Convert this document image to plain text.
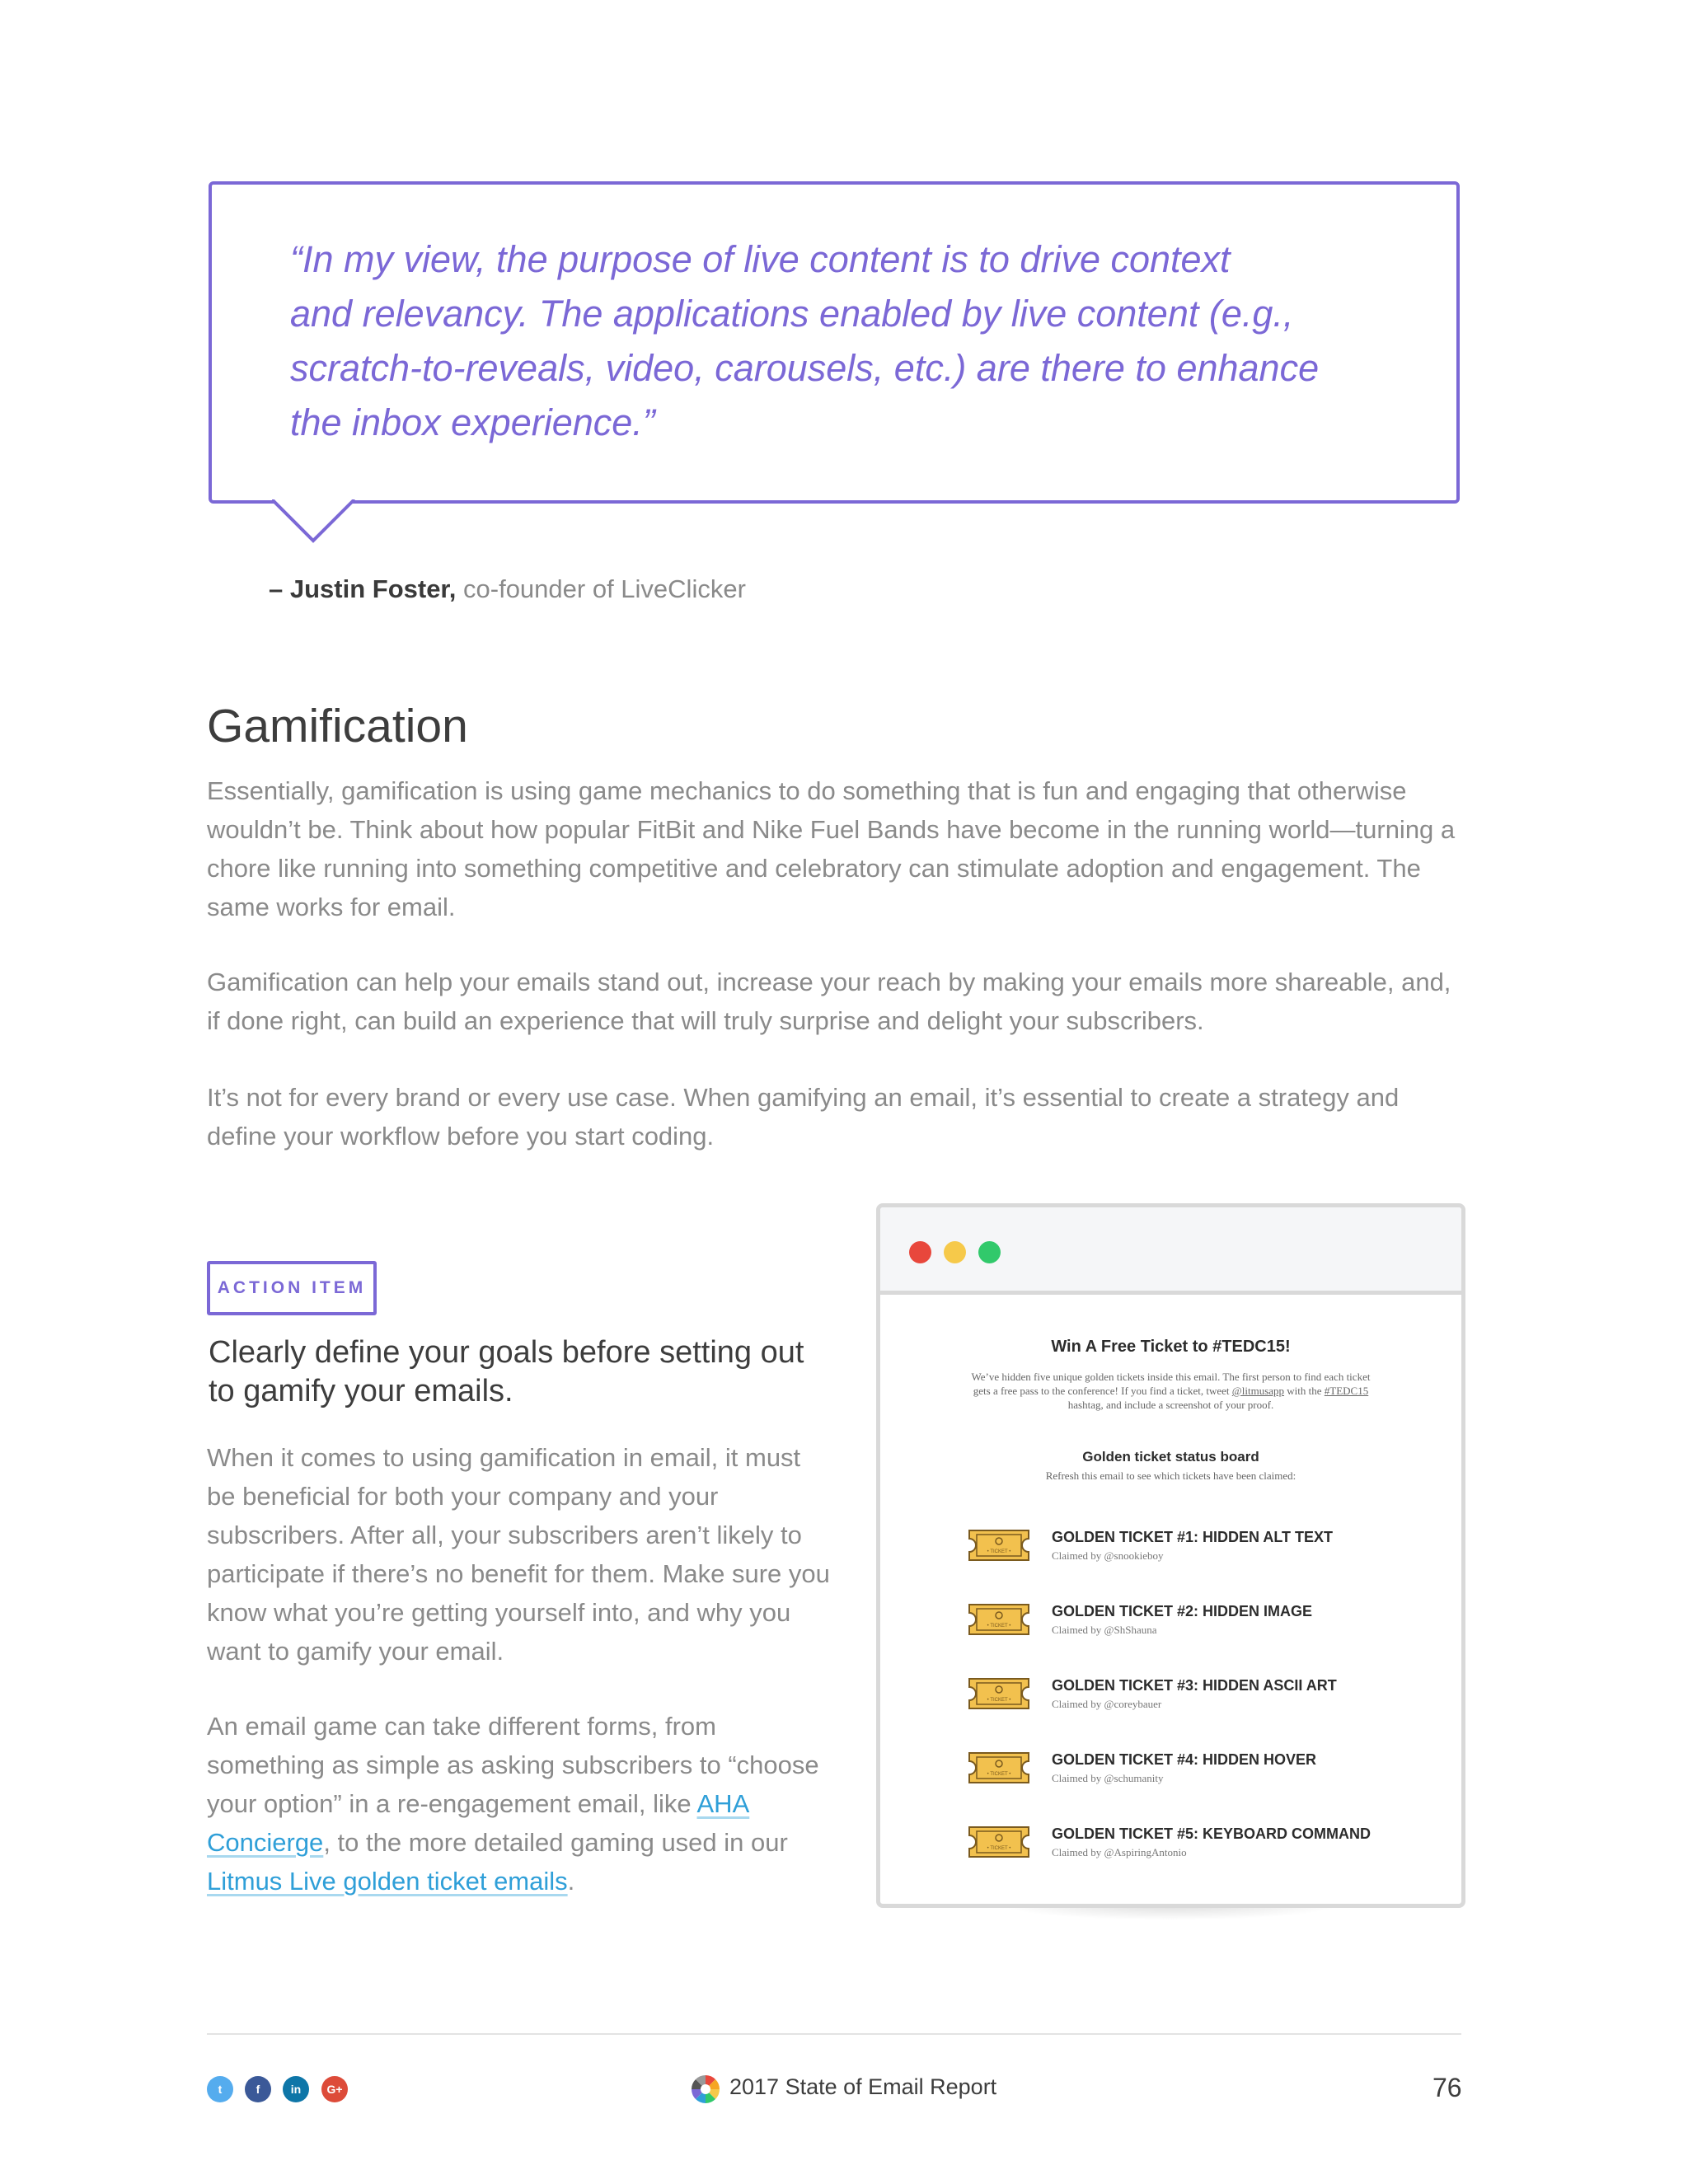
“In my view, the purpose of live content is to drive context
and relevancy. The applications enabled by live content (e.g.,
scratch-to-reveals, video, carousels, etc.) are there to enhance
the inbox experience.”
– Justin Foster, co-founder of LiveClicker
Gamification
Essentially, gamification is using game mechanics to do something that is fun and engaging that otherwise wouldn’t be. Think about how popular FitBit and Nike Fuel Bands have become in the running world—turning a chore like running into something competitive and celebratory can stimulate adoption and engagement. The same works for email.
Gamification can help your emails stand out, increase your reach by making your emails more shareable, and, if done right, can build an experience that will truly surprise and delight your subscribers.
It’s not for every brand or every use case. When gamifying an email, it’s essential to create a strategy and define your workflow before you start coding.
ACTION ITEM
Clearly define your goals before setting out to gamify your emails.
When it comes to using gamification in email, it must be beneficial for both your company and your subscribers. After all, your subscribers aren’t likely to participate if there’s no benefit for them. Make sure you know what you’re getting yourself into, and why you want to gamify your email.
An email game can take different forms, from something as simple as asking subscribers to “choose your option” in a re-engagement email, like AHA Concierge, to the more detailed gaming used in our Litmus Live golden ticket emails.
Win A Free Ticket to #TEDC15!
We’ve hidden five unique golden tickets inside this email. The first person to find each ticket gets a free pass to the conference! If you find a ticket, tweet @litmusapp with the #TEDC15 hashtag, and include a screenshot of your proof.
Golden ticket status board
Refresh this email to see which tickets have been claimed:
• TICKET •
GOLDEN TICKET #1: HIDDEN ALT TEXT
Claimed by @snookieboy
• TICKET •
GOLDEN TICKET #2: HIDDEN IMAGE
Claimed by @ShShauna
• TICKET •
GOLDEN TICKET #3: HIDDEN ASCII ART
Claimed by @coreybauer
• TICKET •
GOLDEN TICKET #4: HIDDEN HOVER
Claimed by @schumanity
• TICKET •
GOLDEN TICKET #5: KEYBOARD COMMAND
Claimed by @AspiringAntonio
t	f	in	G+	2017 State of Email Report	76
